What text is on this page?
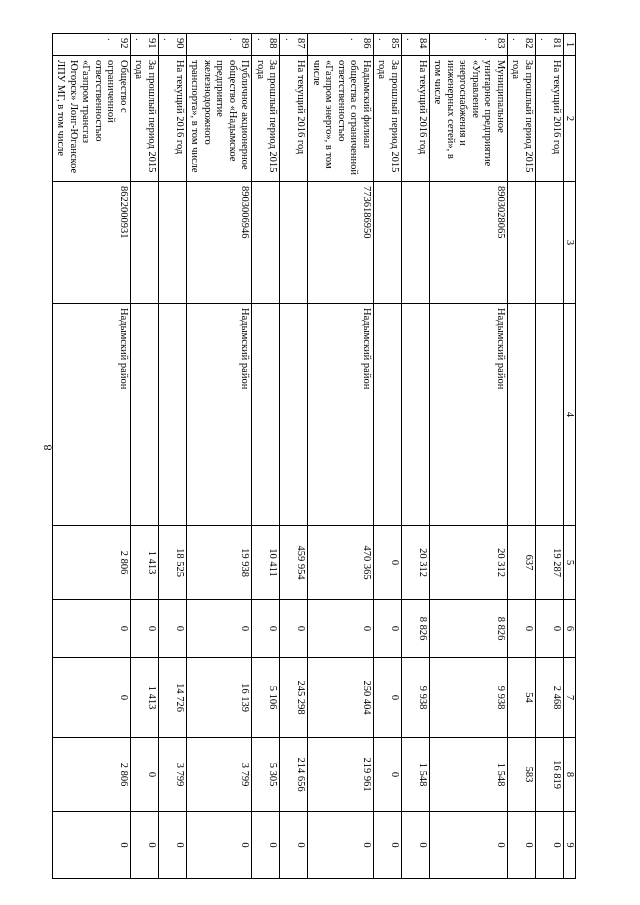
8
1	2	3	4	5	6	7	8	9
81.	На текущий 2016 год			19 287	0	2 468	16 819	0
82.	За прошлый период 2015 года			637	0	54	583	0
83.	Муниципальное унитарное предприятие «Управление энергоснабжения и инженерных сетей», в том числе	8903028065	Надымский район	20 312	8 826	9 938	1 548	0
84.	На текущий 2016 год			20 312	8 826	9 938	1 548	0
85.	За прошлый период 2015 года			0	0	0	0	0
86.	Надымский филиал общества с ограниченной ответственностью «Газпром энерго», в том числе	7736186950	Надымский район	470 365	0	250 404	219 961	0
87.	На текущий 2016 год			459 954	0	245 298	214 656	0
88.	За прошлый период 2015 года			10 411	0	5 106	5 305	0
89.	Публичное акционерное общество «Надымское предприятие железнодорожного транспорта», в том числе	8903006946	Надымский район	19 938	0	16 139	3 799	0
90.	На текущий 2016 год			18 525	0	14 726	3 799	0
91.	За прошлый период 2015 года			1 413	0	1 413	0	0
92.	Общество с ограниченной ответственностью «Газпром трансгаз Югорск» Лонг-Юганское ЛПУ МГ, в том числе	8622000931	Надымский район	2 806	0	0	2 806	0
